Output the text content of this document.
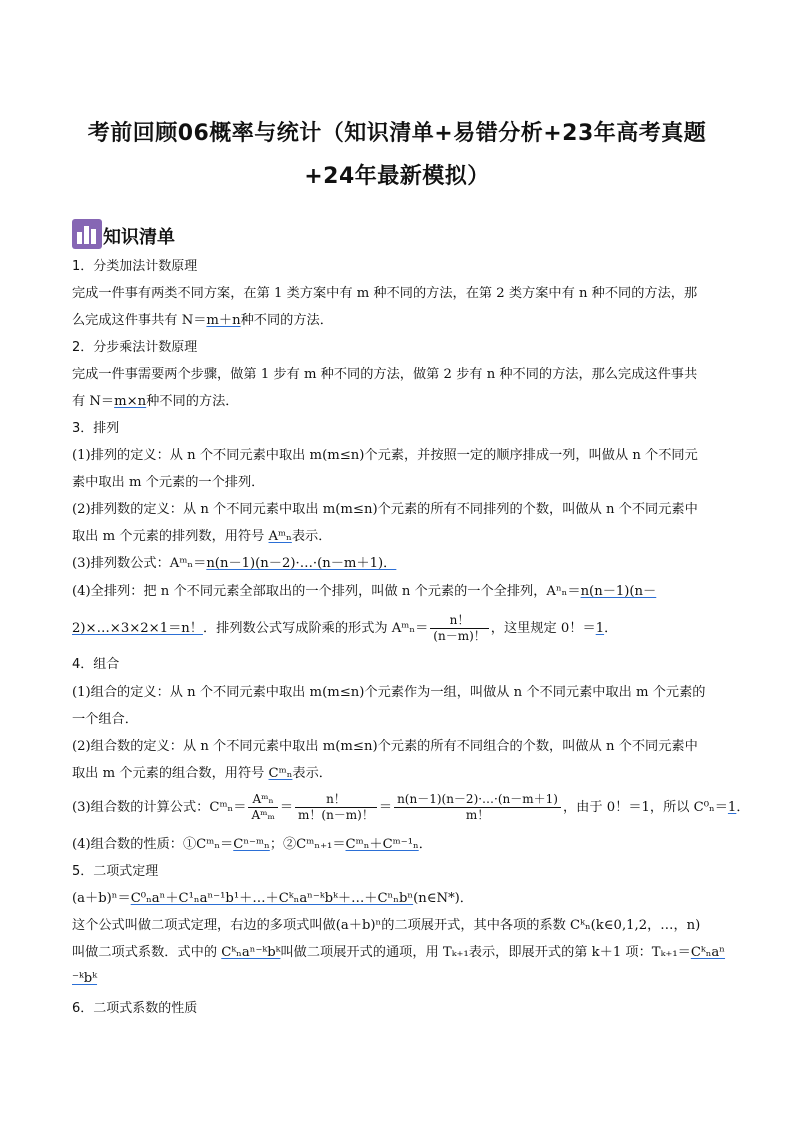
考前回顾06概率与统计（知识清单+易错分析+23年高考真题
+24年最新模拟）
知识清单
1．分类加法计数原理
完成一件事有两类不同方案，在第 1 类方案中有 m 种不同的方法，在第 2 类方案中有 n 种不同的方法，那
么完成这件事共有 N＝m＋n种不同的方法．
2．分步乘法计数原理
完成一件事需要两个步骤，做第 1 步有 m 种不同的方法，做第 2 步有 n 种不同的方法，那么完成这件事共
有 N＝m×n种不同的方法．
3．排列
(1)排列的定义：从 n 个不同元素中取出 m(m≤n)个元素，并按照一定的顺序排成一列，叫做从 n 个不同元
素中取出 m 个元素的一个排列．
(2)排列数的定义：从 n 个不同元素中取出 m(m≤n)个元素的所有不同排列的个数，叫做从 n 个不同元素中
取出 m 个元素的排列数，用符号 Aᵐₙ表示．
(3)排列数公式：Aᵐₙ＝n(n－1)(n－2)·…·(n－m＋1)．
(4)全排列：把 n 个不同元素全部取出的一个排列，叫做 n 个元素的一个全排列，Aⁿₙ＝n(n－1)(n－
2)×…×3×2×1＝n！．排列数公式写成阶乘的形式为 Aᵐₙ＝ $\frac{n!}{(n-m)!}$ ，这里规定 0！＝1．
4．组合
(1)组合的定义：从 n 个不同元素中取出 m(m≤n)个元素作为一组，叫做从 n 个不同元素中取出 m 个元素的
一个组合．
(2)组合数的定义：从 n 个不同元素中取出 m(m≤n)个元素的所有不同组合的个数，叫做从 n 个不同元素中
取出 m 个元素的组合数，用符号 Cᵐₙ表示．
(3)组合数的计算公式：Cᵐₙ＝ $\frac{\text{Aᵐₙ}}{\text{Aᵐₘ}} = \frac{n!}{m!(n-m)!} = \frac{n(n-1)(n-2)\cdot\dots\cdot(n-m+1)}{m!}$ ，由于 0！＝1，所以 C⁰ₙ＝1．
(4)组合数的性质：①Cᵐₙ＝Cⁿ⁻ᵐₙ；②Cᵐₙ₊₁＝Cᵐₙ＋Cᵐ⁻¹ₙ．
5．二项式定理
(a＋b)ⁿ＝C⁰ₙaⁿ＋C¹ₙaⁿ⁻¹b¹＋…＋Cᵏₙaⁿ⁻ᵏbᵏ＋…＋Cⁿₙbⁿ(n∈N*)．
这个公式叫做二项式定理，右边的多项式叫做(a＋b)ⁿ的二项展开式，其中各项的系数 Cᵏₙ(k∈0,1,2，…，n)
叫做二项式系数．式中的 Cᵏₙaⁿ⁻ᵏbᵏ叫做二项展开式的通项，用 Tₖ₊₁表示，即展开式的第 k＋1 项：Tₖ₊₁＝Cᵏₙaⁿ
⁻ᵏbᵏ
6．二项式系数的性质
